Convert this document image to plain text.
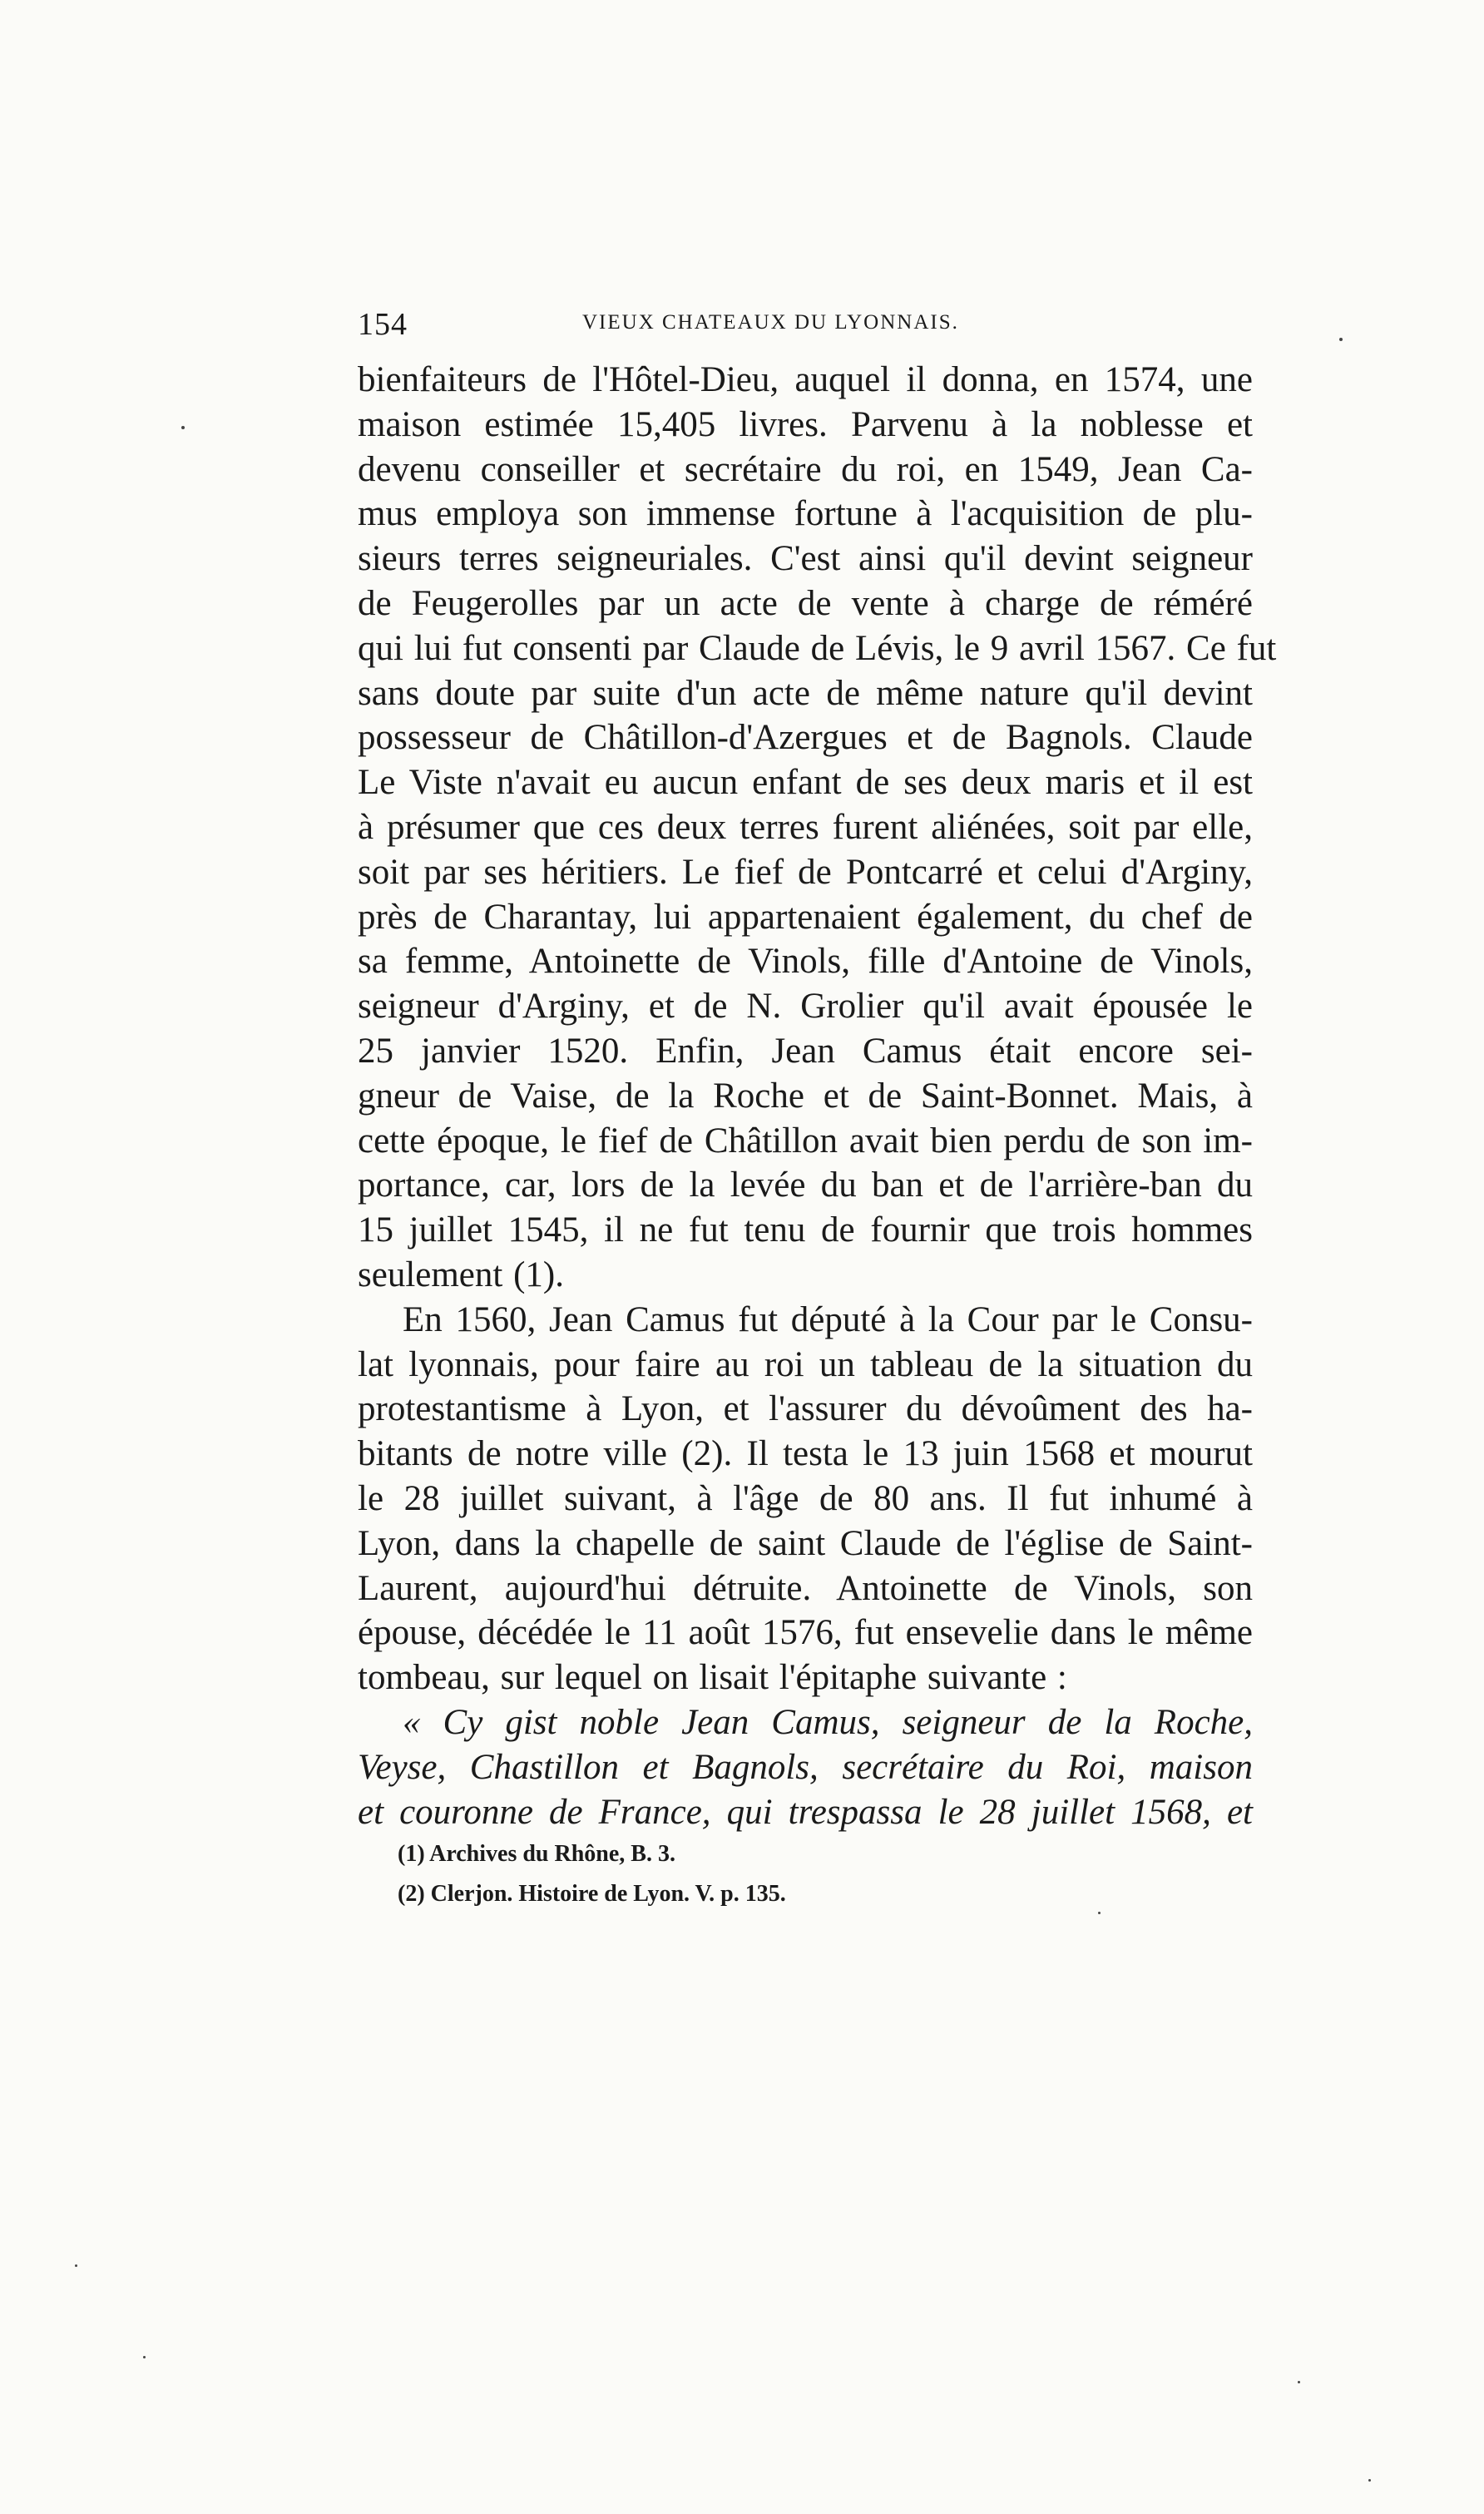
154	VIEUX CHATEAUX DU LYONNAIS.
bienfaiteurs de l'Hôtel-Dieu, auquel il donna, en 1574, une
maison estimée 15,405 livres. Parvenu à la noblesse et
devenu conseiller et secrétaire du roi, en 1549, Jean Ca-
mus employa son immense fortune à l'acquisition de plu-
sieurs terres seigneuriales. C'est ainsi qu'il devint seigneur
de Feugerolles par un acte de vente à charge de réméré
qui lui fut consenti par Claude de Lévis, le 9 avril 1567. Ce fut
sans doute par suite d'un acte de même nature qu'il devint
possesseur de Châtillon-d'Azergues et de Bagnols. Claude
Le Viste n'avait eu aucun enfant de ses deux maris et il est
à présumer que ces deux terres furent aliénées, soit par elle,
soit par ses héritiers. Le fief de Pontcarré et celui d'Arginy,
près de Charantay, lui appartenaient également, du chef de
sa femme, Antoinette de Vinols, fille d'Antoine de Vinols,
seigneur d'Arginy, et de N. Grolier qu'il avait épousée le
25 janvier 1520. Enfin, Jean Camus était encore sei-
gneur de Vaise, de la Roche et de Saint-Bonnet. Mais, à
cette époque, le fief de Châtillon avait bien perdu de son im-
portance, car, lors de la levée du ban et de l'arrière-ban du
15 juillet 1545, il ne fut tenu de fournir que trois hommes
seulement (1).
En 1560, Jean Camus fut député à la Cour par le Consu-
lat lyonnais, pour faire au roi un tableau de la situation du
protestantisme à Lyon, et l'assurer du dévoûment des ha-
bitants de notre ville (2). Il testa le 13 juin 1568 et mourut
le 28 juillet suivant, à l'âge de 80 ans. Il fut inhumé à
Lyon, dans la chapelle de saint Claude de l'église de Saint-
Laurent, aujourd'hui détruite. Antoinette de Vinols, son
épouse, décédée le 11 août 1576, fut ensevelie dans le même
tombeau, sur lequel on lisait l'épitaphe suivante :
« Cy gist noble Jean Camus, seigneur de la Roche,
Veyse, Chastillon et Bagnols, secrétaire du Roi, maison
et couronne de France, qui trespassa le 28 juillet 1568, et
(1) Archives du Rhône, B. 3.
(2) Clerjon. Histoire de Lyon. V. p. 135.
